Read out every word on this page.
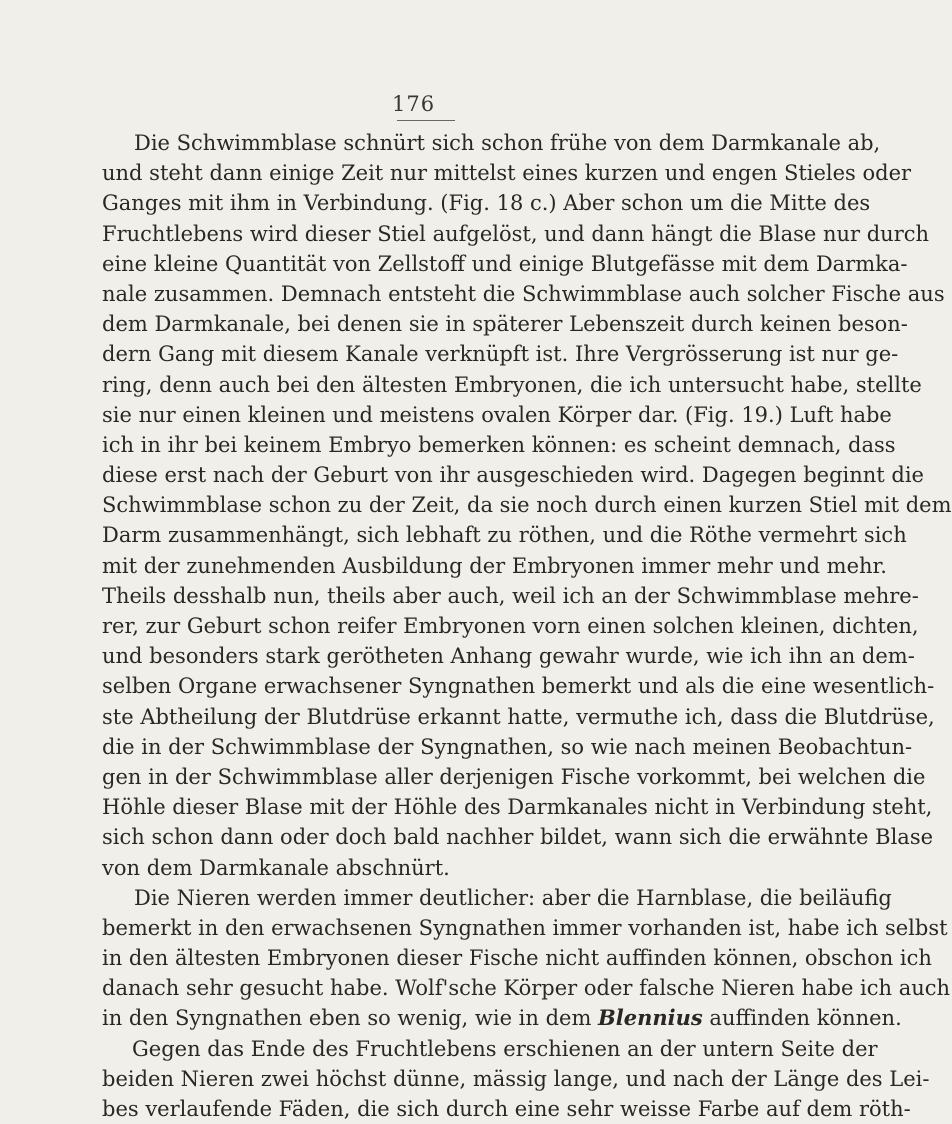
176
Die Schwimmblase schnürt sich schon frühe von dem Darmkanale ab,
und steht dann einige Zeit nur mittelst eines kurzen und engen Stieles oder
Ganges mit ihm in Verbindung. (Fig. 18 c.) Aber schon um die Mitte des
Fruchtlebens wird dieser Stiel aufgelöst, und dann hängt die Blase nur durch
eine kleine Quantität von Zellstoff und einige Blutgefässe mit dem Darmka-
nale zusammen. Demnach entsteht die Schwimmblase auch solcher Fische aus
dem Darmkanale, bei denen sie in späterer Lebenszeit durch keinen beson-
dern Gang mit diesem Kanale verknüpft ist. Ihre Vergrösserung ist nur ge-
ring, denn auch bei den ältesten Embryonen, die ich untersucht habe, stellte
sie nur einen kleinen und meistens ovalen Körper dar. (Fig. 19.) Luft habe
ich in ihr bei keinem Embryo bemerken können: es scheint demnach, dass
diese erst nach der Geburt von ihr ausgeschieden wird. Dagegen beginnt die
Schwimmblase schon zu der Zeit, da sie noch durch einen kurzen Stiel mit dem
Darm zusammenhängt, sich lebhaft zu röthen, und die Röthe vermehrt sich
mit der zunehmenden Ausbildung der Embryonen immer mehr und mehr.
Theils desshalb nun, theils aber auch, weil ich an der Schwimmblase mehre-
rer, zur Geburt schon reifer Embryonen vorn einen solchen kleinen, dichten,
und besonders stark gerötheten Anhang gewahr wurde, wie ich ihn an dem-
selben Organe erwachsener Syngnathen bemerkt und als die eine wesentlich-
ste Abtheilung der Blutdrüse erkannt hatte, vermuthe ich, dass die Blutdrüse,
die in der Schwimmblase der Syngnathen, so wie nach meinen Beobachtun-
gen in der Schwimmblase aller derjenigen Fische vorkommt, bei welchen die
Höhle dieser Blase mit der Höhle des Darmkanales nicht in Verbindung steht,
sich schon dann oder doch bald nachher bildet, wann sich die erwähnte Blase
von dem Darmkanale abschnürt.
Die Nieren werden immer deutlicher: aber die Harnblase, die beiläufig
bemerkt in den erwachsenen Syngnathen immer vorhanden ist, habe ich selbst
in den ältesten Embryonen dieser Fische nicht auffinden können, obschon ich
danach sehr gesucht habe. Wolf'sche Körper oder falsche Nieren habe ich auch
in den Syngnathen eben so wenig, wie in dem Blennius auffinden können.
Gegen das Ende des Fruchtlebens erschienen an der untern Seite der
beiden Nieren zwei höchst dünne, mässig lange, und nach der Länge des Lei-
bes verlaufende Fäden, die sich durch eine sehr weisse Farbe auf dem röth-
